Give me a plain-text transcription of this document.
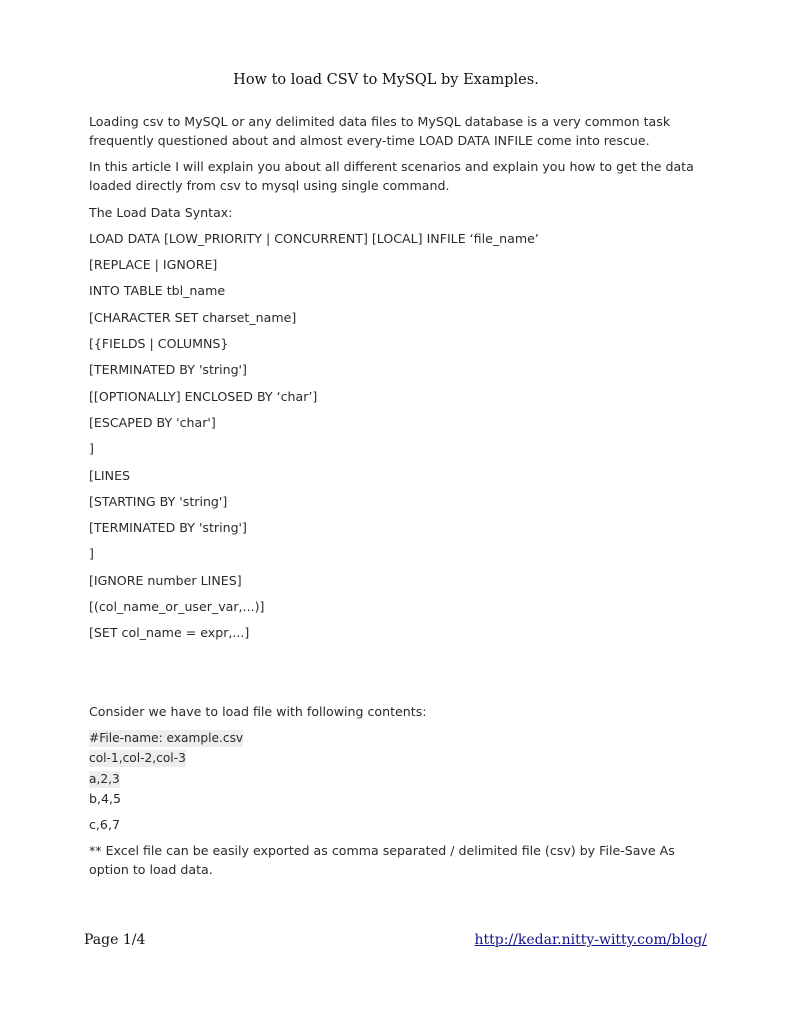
How to load CSV to MySQL by Examples.

Loading csv to MySQL or any delimited data files to MySQL database is a very common task frequently questioned about and almost every-time LOAD DATA INFILE come into rescue.

In this article I will explain you about all different scenarios and explain you how to get the data loaded directly from csv to mysql using single command.

The Load Data Syntax:

LOAD DATA [LOW_PRIORITY | CONCURRENT] [LOCAL] INFILE ‘file_name’
[REPLACE | IGNORE]
INTO TABLE tbl_name
[CHARACTER SET charset_name]
[{FIELDS | COLUMNS}
[TERMINATED BY 'string']
[[OPTIONALLY] ENCLOSED BY ‘char’]
[ESCAPED BY 'char']
]
[LINES
[STARTING BY 'string']
[TERMINATED BY 'string']
]
[IGNORE number LINES]
[(col_name_or_user_var,...)]
[SET col_name = expr,...]

Consider we have to load file with following contents:

#File-name: example.csv
col-1,col-2,col-3
a,2,3
b,4,5

c,6,7

** Excel file can be easily exported as comma separated / delimited file (csv) by File-Save As option to load data.

Page 1/4	http://kedar.nitty-witty.com/blog/
